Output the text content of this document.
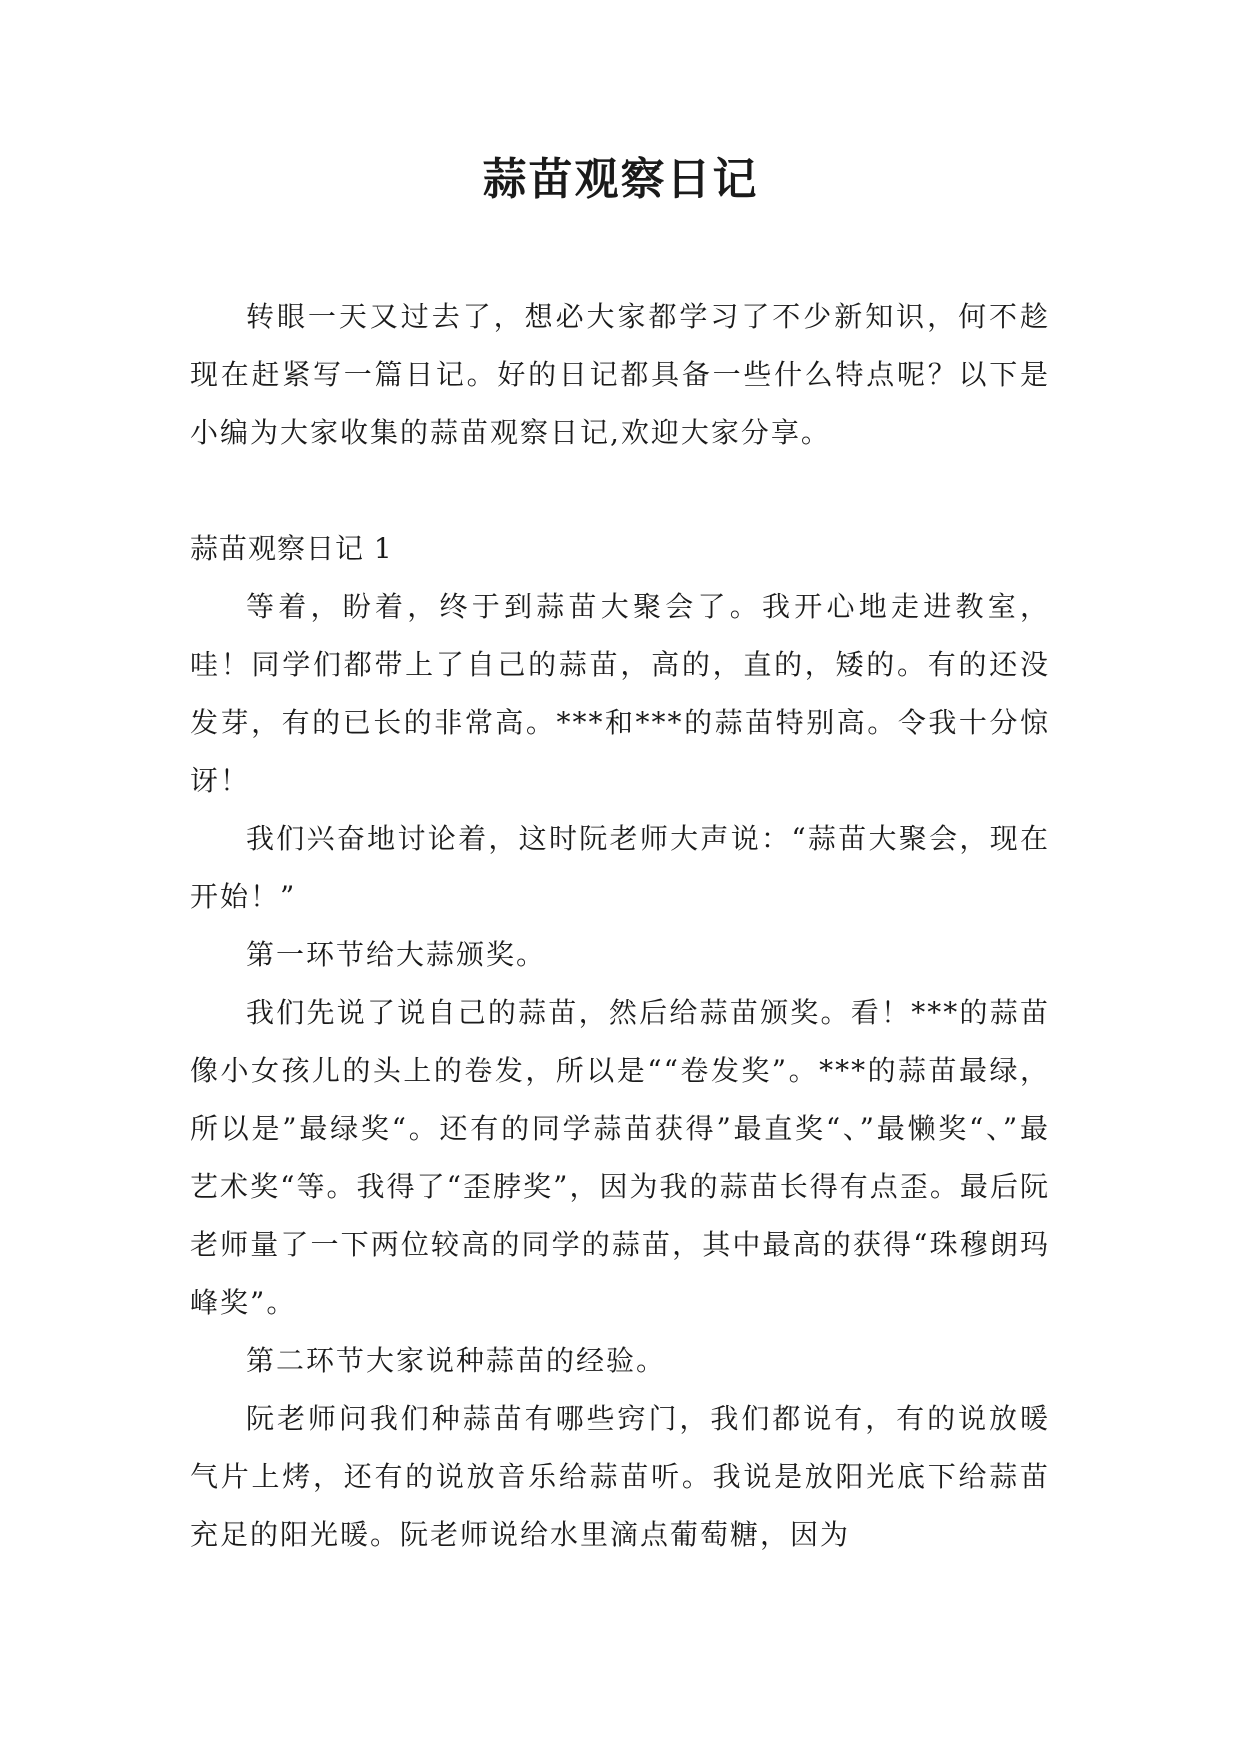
蒜苗观察日记

转眼一天又过去了，想必大家都学习了不少新知识，何不趁现在赶紧写一篇日记。好的日记都具备一些什么特点呢？以下是小编为大家收集的蒜苗观察日记,欢迎大家分享。

蒜苗观察日记 1

等着，盼着，终于到蒜苗大聚会了。我开心地走进教室，哇！同学们都带上了自己的蒜苗，高的，直的，矮的。有的还没发芽，有的已长的非常高。***和***的蒜苗特别高。令我十分惊讶！

我们兴奋地讨论着，这时阮老师大声说：“蒜苗大聚会，现在开始！”

第一环节给大蒜颁奖。

我们先说了说自己的蒜苗，然后给蒜苗颁奖。看！***的蒜苗像小女孩儿的头上的卷发，所以是““卷发奖”。***的蒜苗最绿，所以是”最绿奖“。还有的同学蒜苗获得”最直奖“、”最懒奖“、”最艺术奖“等。我得了“歪脖奖”，因为我的蒜苗长得有点歪。最后阮老师量了一下两位较高的同学的蒜苗，其中最高的获得“珠穆朗玛峰奖”。

第二环节大家说种蒜苗的经验。

阮老师问我们种蒜苗有哪些窍门，我们都说有，有的说放暖气片上烤，还有的说放音乐给蒜苗听。我说是放阳光底下给蒜苗充足的阳光暖。阮老师说给水里滴点葡萄糖，因为
